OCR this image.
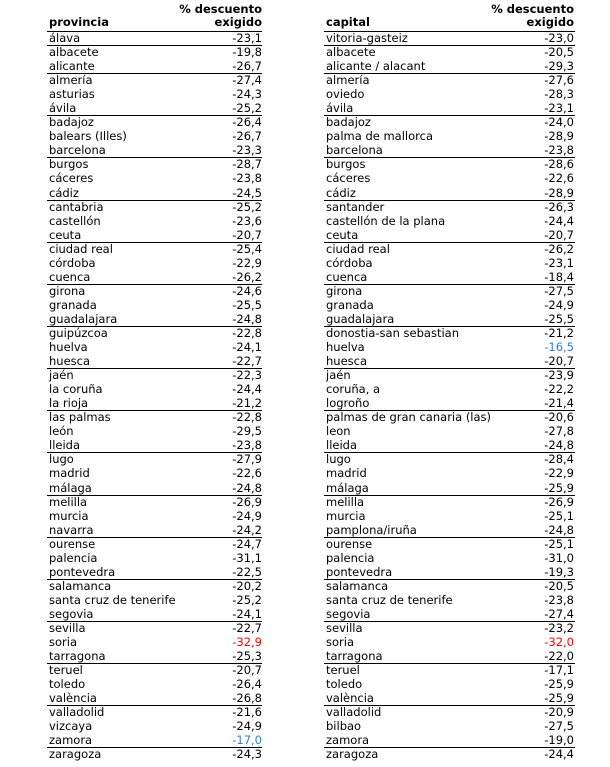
% descuento
exigido
provincia
% descuento
exigido
capital
álava	-23,1	vitoria-gasteiz	-23,0
albacete	-19,8	albacete	-20,5
alicante	-26,7	alicante / alacant	-29,3
almería	-27,4	almería	-27,6
asturias	-24,3	oviedo	-28,3
ávila	-25,2	ávila	-23,1
badajoz	-26,4	badajoz	-24,0
balears (Illes)	-26,7	palma de mallorca	-28,9
barcelona	-23,3	barcelona	-23,8
burgos	-28,7	burgos	-28,6
cáceres	-23,8	cáceres	-22,6
cádiz	-24,5	cádiz	-28,9
cantabria	-25,2	santander	-26,3
castellón	-23,6	castellón de la plana	-24,4
ceuta	-20,7	ceuta	-20,7
ciudad real	-25,4	ciudad real	-26,2
córdoba	-22,9	córdoba	-23,1
cuenca	-26,2	cuenca	-18,4
girona	-24,6	girona	-27,5
granada	-25,5	granada	-24,9
guadalajara	-24,8	guadalajara	-25,5
guipúzcoa	-22,8	donostia-san sebastian	-21,2
huelva	-24,1	huelva	-16,5
huesca	-22,7	huesca	-20,7
jaén	-22,3	jaén	-23,9
la coruña	-24,4	coruña, a	-22,2
la rioja	-21,2	logroño	-21,4
las palmas	-22,8	palmas de gran canaria (las)	-20,6
león	-29,5	leon	-27,8
lleida	-23,8	lleida	-24,8
lugo	-27,9	lugo	-28,4
madrid	-22,6	madrid	-22,9
málaga	-24,8	málaga	-25,9
melilla	-26,9	melilla	-26,9
murcia	-24,9	murcia	-25,1
navarra	-24,2	pamplona/iruña	-24,8
ourense	-24,7	ourense	-25,1
palencia	-31,1	palencia	-31,0
pontevedra	-22,5	pontevedra	-19,3
salamanca	-20,2	salamanca	-20,5
santa cruz de tenerife	-25,2	santa cruz de tenerife	-23,8
segovia	-24,1	segovia	-27,4
sevilla	-22,7	sevilla	-23,2
soria	-32,9	soria	-32,0
tarragona	-25,3	tarragona	-22,0
teruel	-20,7	teruel	-17,1
toledo	-26,4	toledo	-25,9
valència	-26,8	valència	-25,9
valladolid	-21,6	valladolid	-20,9
vizcaya	-24,9	bilbao	-27,5
zamora	-17,0	zamora	-19,0
zaragoza	-24,3	zaragoza	-24,4
